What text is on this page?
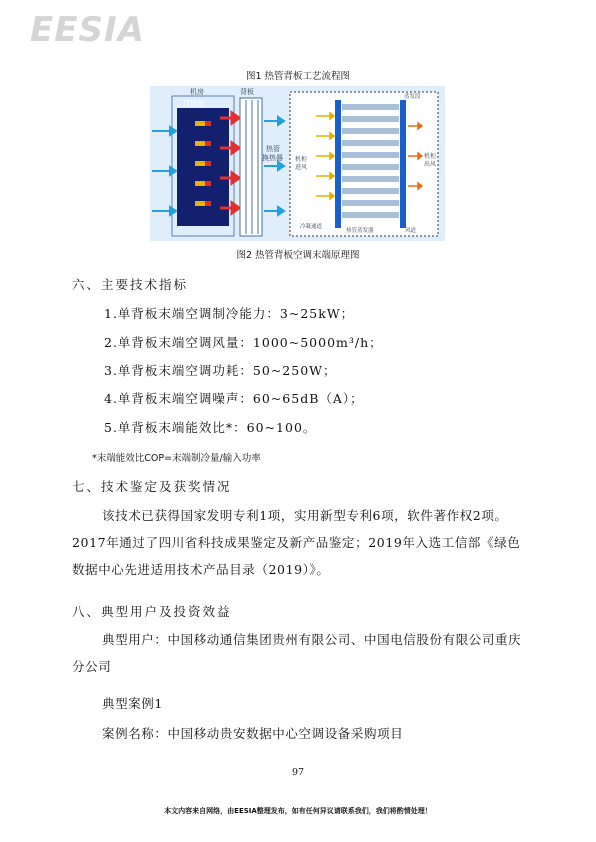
EESIA
图1 热管背板工艺流程图
机房
IT设备
背板
热管
换热器 机柜
进风
机柜
出风
冷凝通道
热管蒸发器	风道
蒸发段
图2 热管背板空调末端原理图
六、主要技术指标
1.单背板末端空调制冷能力：3~25kW；
2.单背板末端空调风量：1000~5000m³/h；
3.单背板末端空调功耗：50~250W；
4.单背板末端空调噪声：60~65dB（A）；
5.单背板末端能效比*：60~100。
*末端能效比COP=末端制冷量/输入功率
七、技术鉴定及获奖情况
该技术已获得国家发明专利1项，实用新型专利6项，软件著作权2项。2017年通过了四川省科技成果鉴定及新产品鉴定；2019年入选工信部《绿色数据中心先进适用技术产品目录（2019）》。
八、典型用户及投资效益
典型用户：中国移动通信集团贵州有限公司、中国电信股份有限公司重庆分公司
典型案例1
案例名称：中国移动贵安数据中心空调设备采购项目
97
本文内容来自网络，由EESIA整理发布，如有任何异议请联系我们，我们将酌情处理！
